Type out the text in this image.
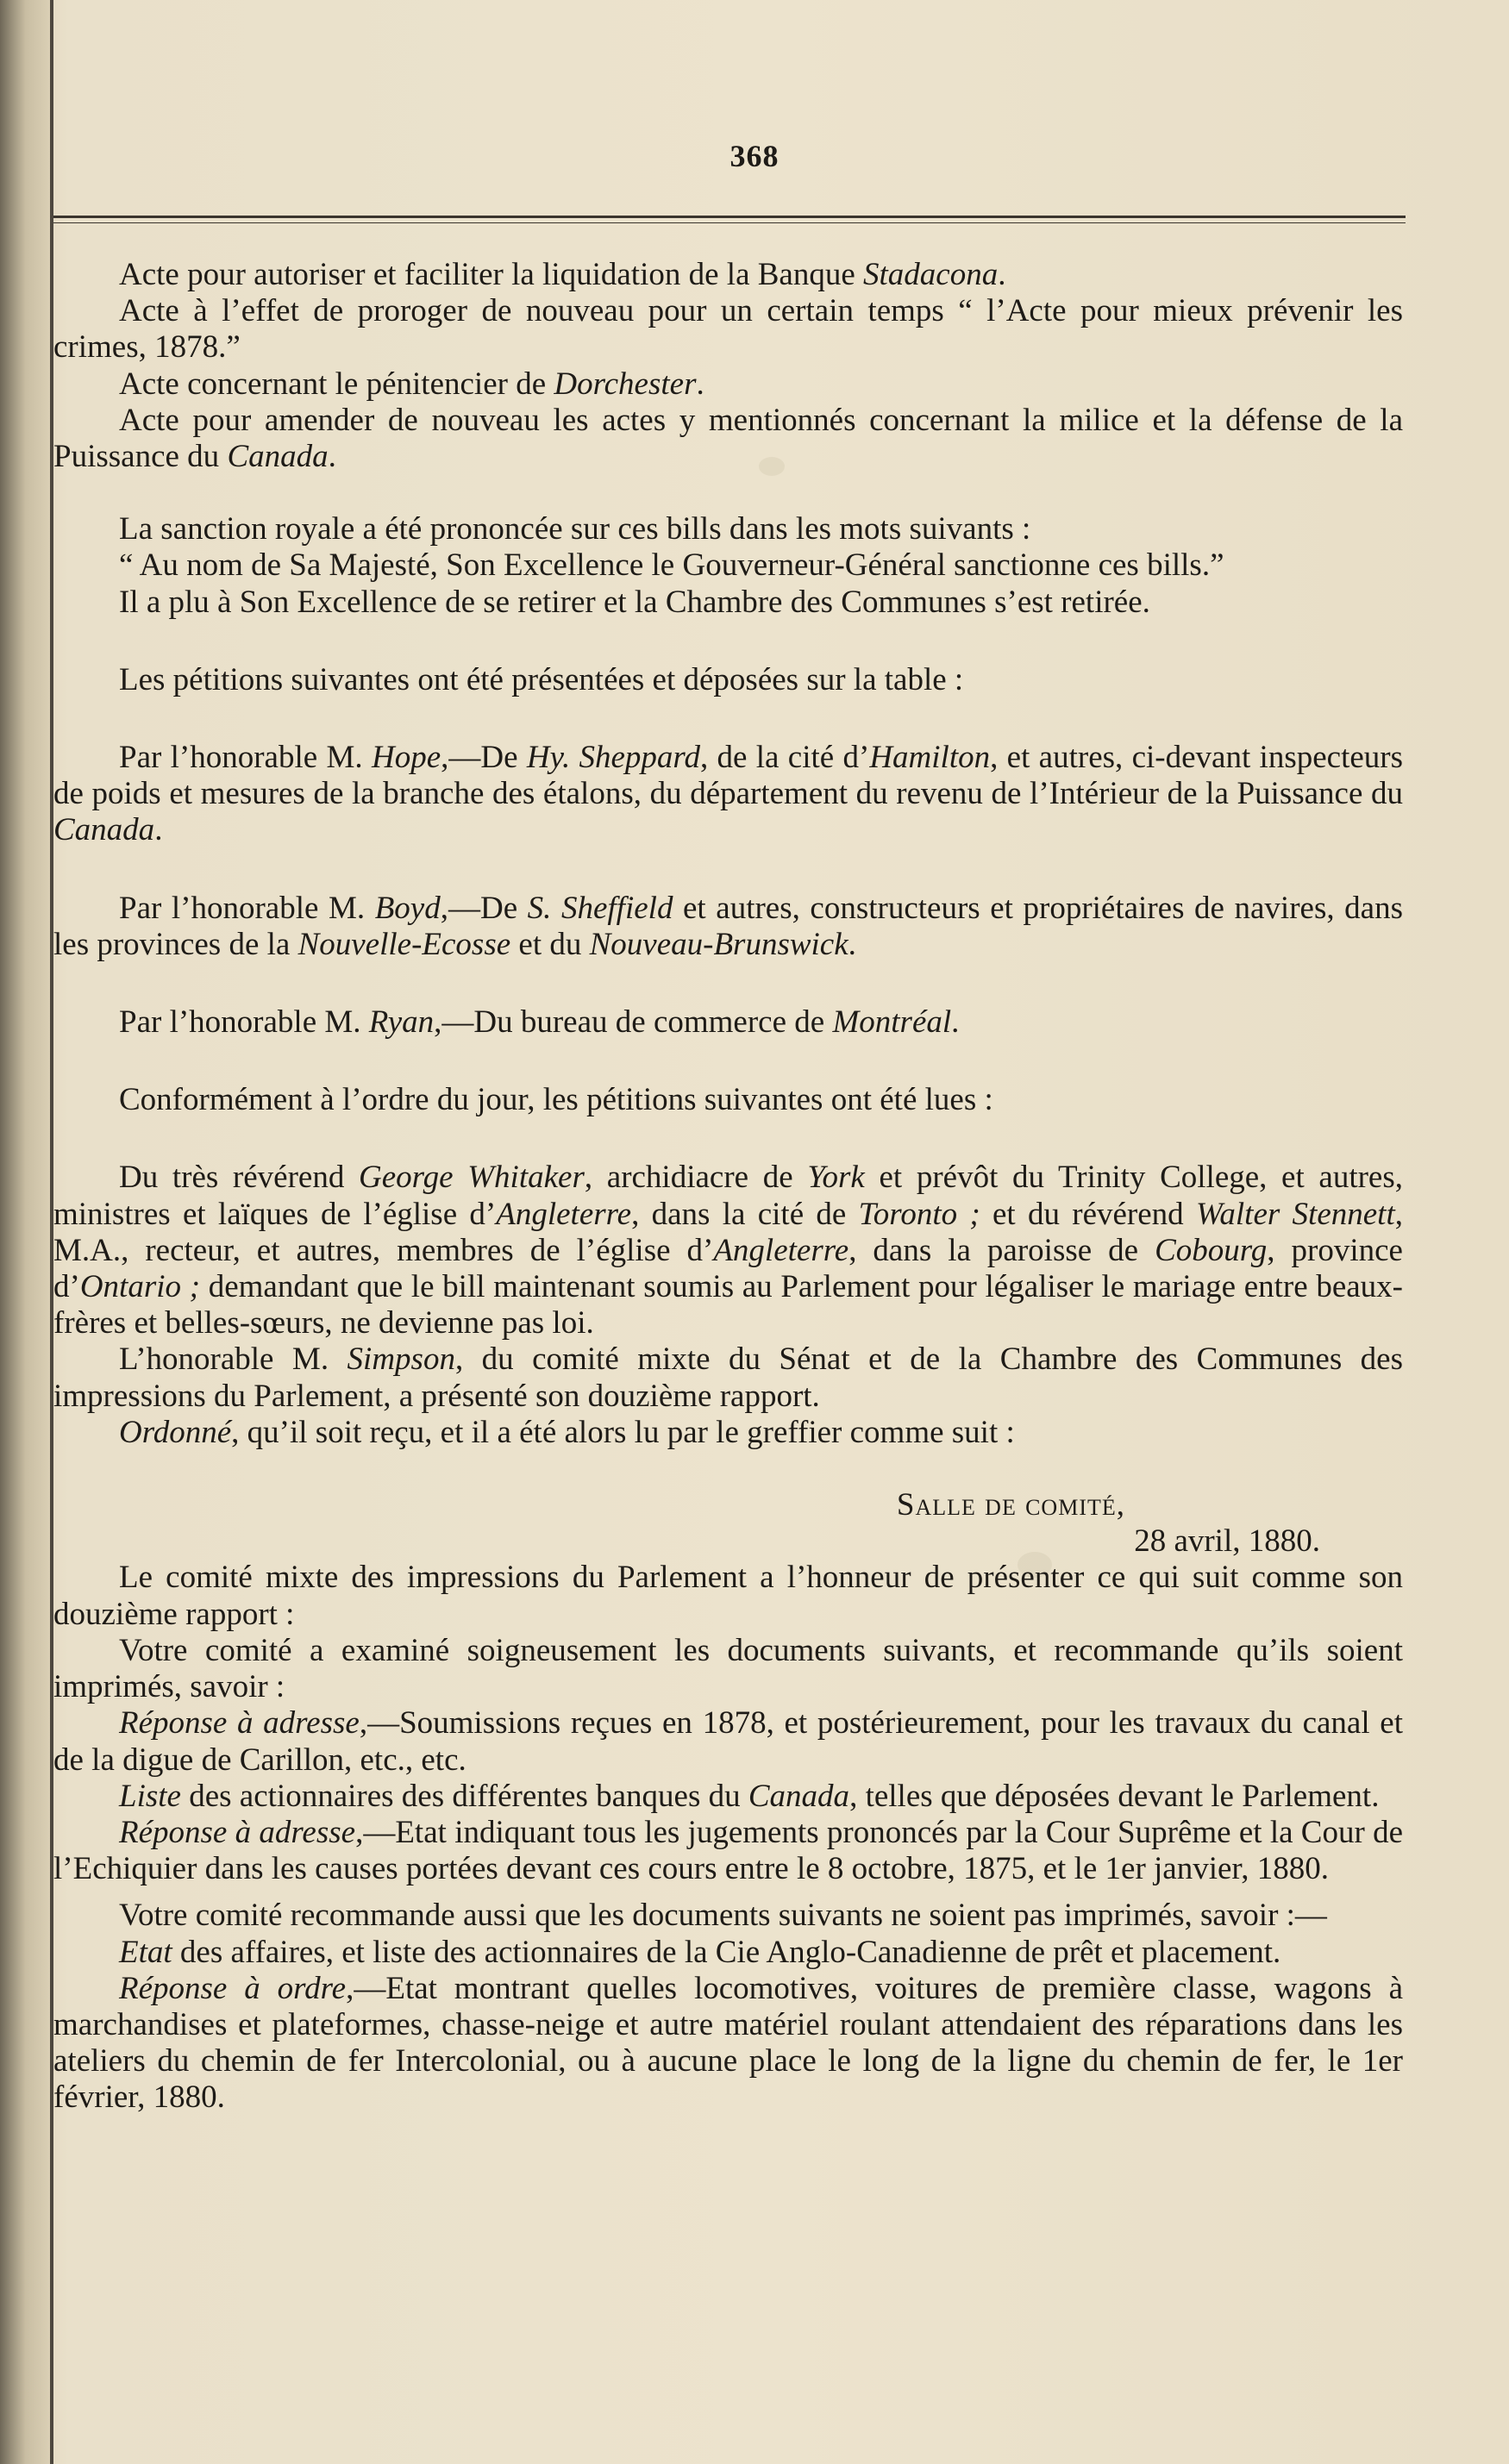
368

Acte pour autoriser et faciliter la liquidation de la Banque Stadacona.

Acte à l’effet de proroger de nouveau pour un certain temps “ l’Acte pour mieux prévenir les crimes, 1878.”

Acte concernant le pénitencier de Dorchester.

Acte pour amender de nouveau les actes y mentionnés concernant la milice et la défense de la Puissance du Canada.

La sanction royale a été prononcée sur ces bills dans les mots suivants :

“ Au nom de Sa Majesté, Son Excellence le Gouverneur-Général sanctionne ces bills.”

Il a plu à Son Excellence de se retirer et la Chambre des Communes s’est retirée.

Les pétitions suivantes ont été présentées et déposées sur la table :

Par l’honorable M. Hope,—De Hy. Sheppard, de la cité d’Hamilton, et autres, ci-devant inspecteurs de poids et mesures de la branche des étalons, du département du revenu de l’Intérieur de la Puissance du Canada.

Par l’honorable M. Boyd,—De S. Sheffield et autres, constructeurs et propriétaires de navires, dans les provinces de la Nouvelle-Ecosse et du Nouveau-Brunswick.

Par l’honorable M. Ryan,—Du bureau de commerce de Montréal.

Conformément à l’ordre du jour, les pétitions suivantes ont été lues :

Du très révérend George Whitaker, archidiacre de York et prévôt du Trinity College, et autres, ministres et laïques de l’église d’Angleterre, dans la cité de Toronto ; et du révérend Walter Stennett, M.A., recteur, et autres, membres de l’église d’Angleterre, dans la paroisse de Cobourg, province d’Ontario ; demandant que le bill maintenant soumis au Parlement pour légaliser le mariage entre beaux-frères et belles-sœurs, ne devienne pas loi.

L’honorable M. Simpson, du comité mixte du Sénat et de la Chambre des Communes des impressions du Parlement, a présenté son douzième rapport.

Ordonné, qu’il soit reçu, et il a été alors lu par le greffier comme suit :

Salle de comité,

28 avril, 1880.

Le comité mixte des impressions du Parlement a l’honneur de présenter ce qui suit comme son douzième rapport :

Votre comité a examiné soigneusement les documents suivants, et recommande qu’ils soient imprimés, savoir :

Réponse à adresse,—Soumissions reçues en 1878, et postérieurement, pour les travaux du canal et de la digue de Carillon, etc., etc.

Liste des actionnaires des différentes banques du Canada, telles que déposées devant le Parlement.

Réponse à adresse,—Etat indiquant tous les jugements prononcés par la Cour Suprême et la Cour de l’Echiquier dans les causes portées devant ces cours entre le 8 octobre, 1875, et le 1er janvier, 1880.

Votre comité recommande aussi que les documents suivants ne soient pas imprimés, savoir :—

Etat des affaires, et liste des actionnaires de la Cie Anglo-Canadienne de prêt et placement.

Réponse à ordre,—Etat montrant quelles locomotives, voitures de première classe, wagons à marchandises et plateformes, chasse-neige et autre matériel roulant attendaient des réparations dans les ateliers du chemin de fer Intercolonial, ou à aucune place le long de la ligne du chemin de fer, le 1er février, 1880.
